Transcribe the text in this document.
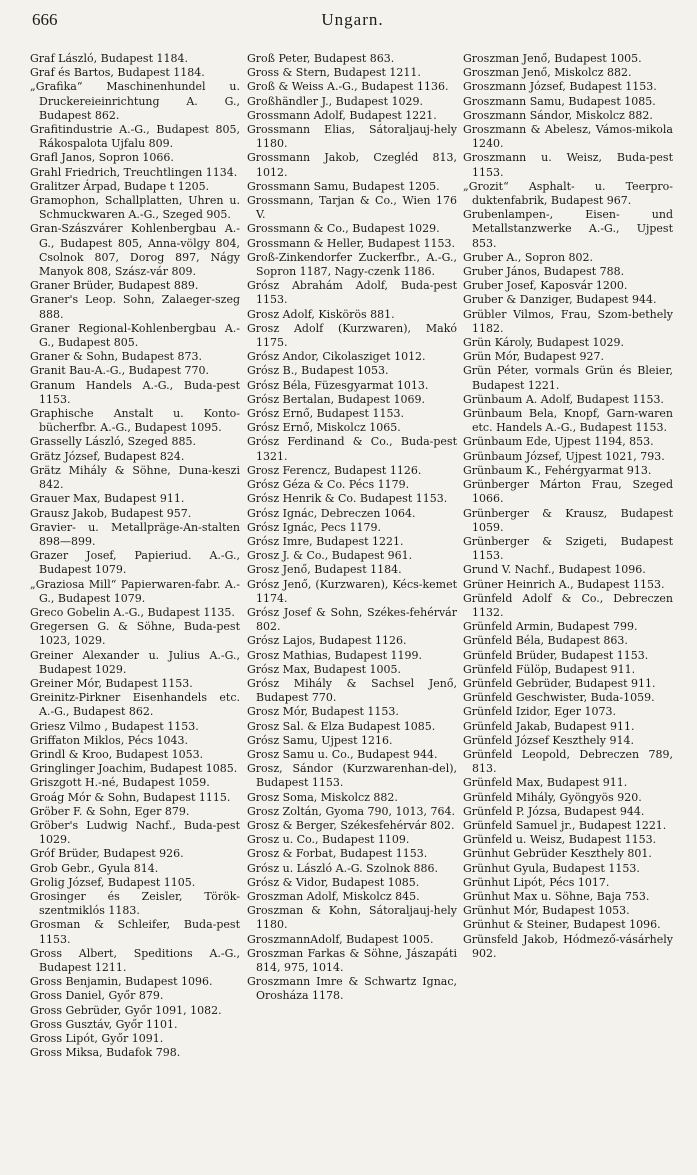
666	Ungarn.

Graf László, Budapest 1184.

Graf és Bartos, Budapest 1184.

„Grafika“ Maschinenhundel u. Druckereieinrichtung A. G., Budapest 862.

Grafitindustrie A.-G., Budapest 805, Rákospalota Ujfalu 809.

Grafl Janos, Sopron 1066.

Grahl Friedrich, Treuchtlingen 1134.

Gralitzer Árpad, Budape t 1205.

Gramophon, Schallplatten, Uhren u. Schmuckwaren A.-G., Szeged 905.

Gran-Szászvárer Kohlenbergbau A.-G., Budapest 805, Anna-völgy 804, Csolnok 807, Dorog 897, Nágy Manyok 808, Szász-vár 809.

Graner Brüder, Budapest 889.

Graner's Leop. Sohn, Zalaeger-szeg 888.

Graner Regional-Kohlenbergbau A.-G., Budapest 805.

Graner & Sohn, Budapest 873.

Granit Bau-A.-G., Budapest 770.

Granum Handels A.-G., Buda-pest 1153.

Graphische Anstalt u. Konto-bücherfbr. A.-G., Budapest 1095.

Grasselly László, Szeged 885.

Grätz József, Budapest 824.

Grätz Mihály & Söhne, Duna-keszi 842.

Grauer Max, Budapest 911.

Grausz Jakob, Budapest 957.

Gravier- u. Metallpräge-An-stalten 898—899.

Grazer Josef, Papieriud. A.-G., Budapest 1079.

„Graziosa Mill“ Papierwaren-fabr. A.-G., Budapest 1079.

Greco Gobelin A.-G., Budapest 1135.

Gregersen G. & Söhne, Buda-pest 1023, 1029.

Greiner Alexander u. Julius A.-G., Budapest 1029.

Greiner Mór, Budapest 1153.

Greinitz-Pirkner Eisenhandels etc. A.-G., Budapest 862.

Griesz Vilmo , Budapest 1153.

Griffaton Miklos, Pécs 1043.

Grindl & Kroo, Budapest 1053.

Gringlinger Joachim, Budapest 1085.

Griszgott H.-né, Budapest 1059.

Groág Mór & Sohn, Budapest 1115.

Gröber F. & Sohn, Eger 879.

Gröber's Ludwig Nachf., Buda-pest 1029.

Gróf Brüder, Budapest 926.

Grob Gebr., Gyula 814.

Grolig József, Budapest 1105.

Grosinger és Zeisler, Török-szentmiklós 1183.

Grosman & Schleifer, Buda-pest 1153.

Gross Albert, Speditions A.-G., Budapest 1211.

Gross Benjamin, Budapest 1096.

Gross Daniel, Győr 879.

Gross Gebrüder, Győr 1091, 1082.

Gross Gusztáv, Győr 1101.

Gross Lipót, Győr 1091.

Gross Miksa, Budafok 798.

Groß Peter, Budapest 863.

Gross & Stern, Budapest 1211.

Groß & Weiss A.-G., Budapest 1136.

Großhändler J., Budapest 1029.

Grossmann Adolf, Budapest 1221.

Grossmann Elias, Sátoraljauj-hely 1180.

Grossmann Jakob, Czegléd 813, 1012.

Grossmann Samu, Budapest 1205.

Grossmann, Tarjan & Co., Wien 176 V.

Grossmann & Co., Budapest 1029.

Grossmann & Heller, Budapest 1153.

Groß-Zinkendorfer Zuckerfbr., A.-G., Sopron 1187, Nagy-czenk 1186.

Grósz Abrahám Adolf, Buda-pest 1153.

Grosz Adolf, Kiskörös 881.

Grosz Adolf (Kurzwaren), Makó 1175.

Grósz Andor, Cikolasziget 1012.

Grósz B., Budapest 1053.

Grósz Béla, Füzesgyarmat 1013.

Grósz Bertalan, Budapest 1069.

Grósz Ernő, Budapest 1153.

Grósz Ernő, Miskolcz 1065.

Grósz Ferdinand & Co., Buda-pest 1321.

Grosz Ferencz, Budapest 1126.

Grósz Géza & Co. Pécs 1179.

Grósz Henrik & Co. Budapest 1153.

Grósz Ignác, Debreczen 1064.

Grósz Ignác, Pecs 1179.

Grósz Imre, Budapest 1221.

Grosz J. & Co., Budapest 961.

Grosz Jenő, Budapest 1184.

Grósz Jenő, (Kurzwaren), Kécs-kemet 1174.

Grósz Josef & Sohn, Székes-fehérvár 802.

Grósz Lajos, Budapest 1126.

Grosz Mathias, Budapest 1199.

Grósz Max, Budapest 1005.

Grósz Mihály & Sachsel Jenő, Budapest 770.

Grosz Mór, Budapest 1153.

Grosz Sal. & Elza Budapest 1085.

Grósz Samu, Ujpest 1216.

Grosz Samu u. Co., Budapest 944.

Grosz, Sándor (Kurzwarenhan-del), Budapest 1153.

Grosz Soma, Miskolcz 882.

Grosz Zoltán, Gyoma 790, 1013, 764.

Grosz & Berger, Székesfehérvár 802.

Grosz u. Co., Budapest 1109.

Grosz & Forbat, Budapest 1153.

Grósz u. László A.-G. Szolnok 886.

Grósz & Vidor, Budapest 1085.

Groszman Adolf, Miskolcz 845.

Groszman & Kohn, Sátoraljauj-hely 1180.

GroszmannAdolf, Budapest 1005.

Groszman Farkas & Söhne, Jászapáti 814, 975, 1014.

Groszmann Imre & Schwartz Ignac, Orosháza 1178.

Groszman Jenő, Budapest 1005.

Groszman Jenő, Miskolcz 882.

Groszmann József, Budapest 1153.

Groszmann Samu, Budapest 1085.

Groszmann Sándor, Miskolcz 882.

Groszmann & Abelesz, Vámos-mikola 1240.

Groszmann u. Weisz, Buda-pest 1153.

„Grozit“ Asphalt- u. Teerpro-duktenfabrik, Budapest 967.

Grubenlampen-, Eisen- und Metallstanzwerke A.-G., Ujpest 853.

Gruber A., Sopron 802.

Gruber János, Budapest 788.

Gruber Josef, Kaposvár 1200.

Gruber & Danziger, Budapest 944.

Grübler Vilmos, Frau, Szom-bethely 1182.

Grün Károly, Budapest 1029.

Grün Mór, Budapest 927.

Grün Péter, vormals Grün és Bleier, Budapest 1221.

Grünbaum A. Adolf, Budapest 1153.

Grünbaum Bela, Knopf, Garn-waren etc. Handels A.-G., Budapest 1153.

Grünbaum Ede, Ujpest 1194, 853.

Grünbaum József, Ujpest 1021, 793.

Grünbaum K., Fehérgyarmat 913.

Grünberger Márton Frau, Szeged 1066.

Grünberger & Krausz, Budapest 1059.

Grünberger & Szigeti, Budapest 1153.

Grund V. Nachf., Budapest 1096.

Grüner Heinrich A., Budapest 1153.

Grünfeld Adolf & Co., Debreczen 1132.

Grünfeld Armin, Budapest 799.

Grünfeld Béla, Budapest 863.

Grünfeld Brüder, Budapest 1153.

Grünfeld Fülöp, Budapest 911.

Grünfeld Gebrüder, Budapest 911.

Grünfeld Geschwister, Buda-1059.

Grünfeld Izidor, Eger 1073.

Grünfeld Jakab, Budapest 911.

Grünfeld József Keszthely 914.

Grünfeld Leopold, Debreczen 789, 813.

Grünfeld Max, Budapest 911.

Grünfeld Mihály, Gyöngyös 920.

Grünfeld P. Józsa, Budapest 944.

Grünfeld Samuel jr., Budapest 1221.

Grünfeld u. Weisz, Budapest 1153.

Grünhut Gebrüder Keszthely 801.

Grünhut Gyula, Budapest 1153.

Grünhut Lipót, Pécs 1017.

Grünhut Max u. Söhne, Baja 753.

Grünhut Mór, Budapest 1053.

Grünhut & Steiner, Budapest 1096.

Grünsfeld Jakob, Hódmező-vásárhely 902.
